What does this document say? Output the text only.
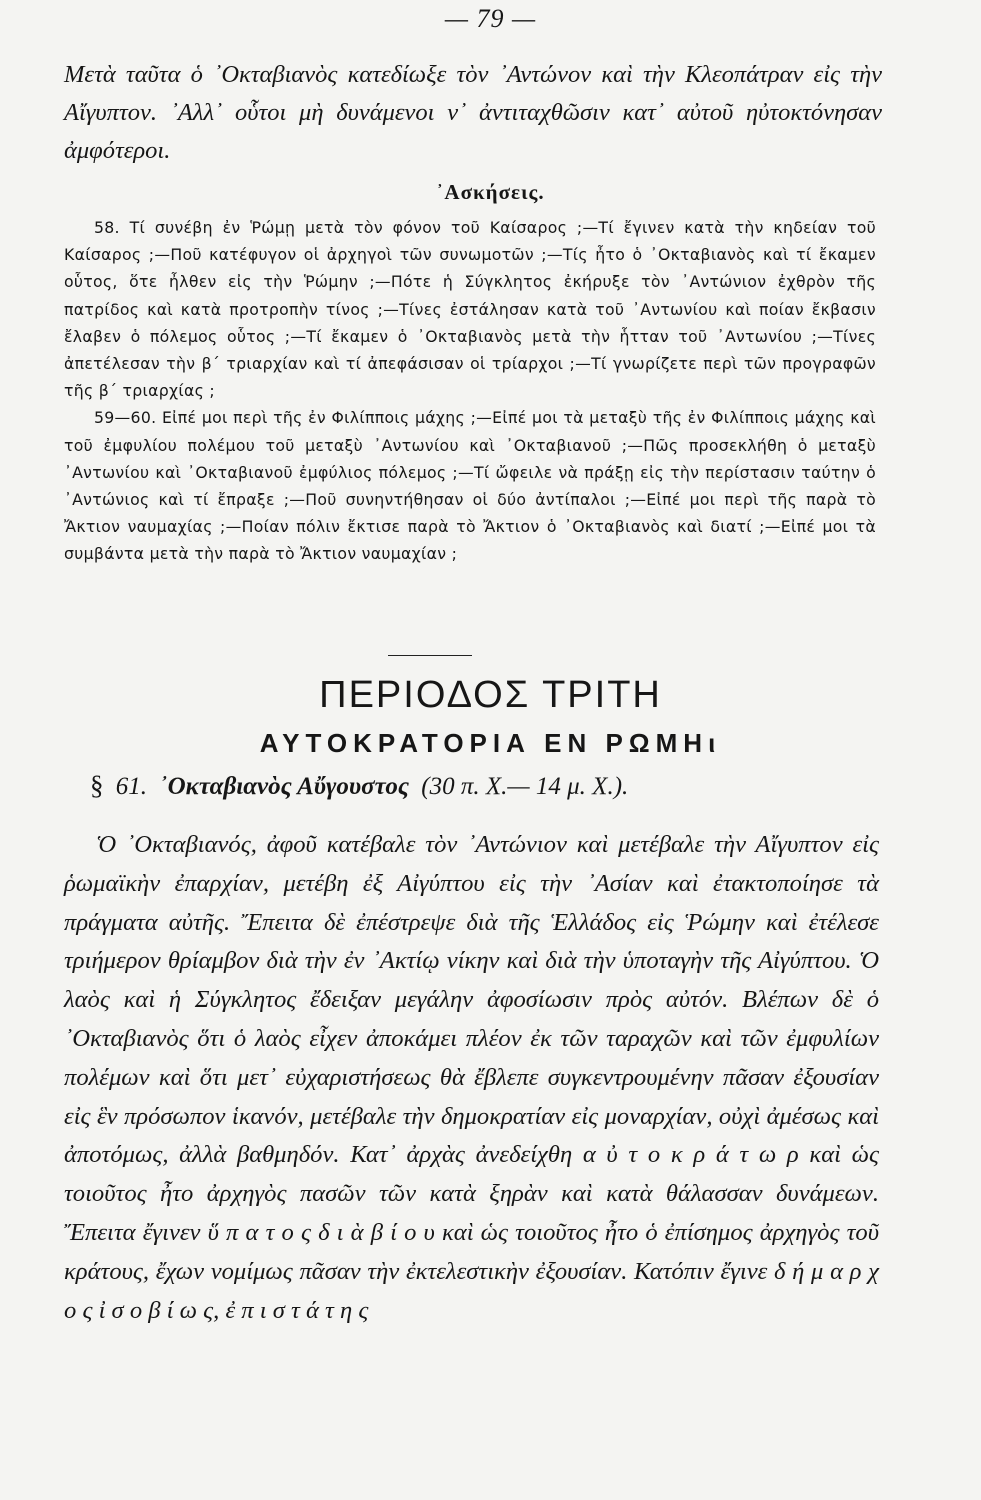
— 79 —
Μετὰ ταῦτα ὁ ᾽Οκταβιανὸς κατεδίωξε τὸν ᾽Αντώνον καὶ τὴν Κλεοπάτραν εἰς τὴν Αἴγυπτον. ᾽Αλλ᾽ οὗτοι μὴ δυνάμενοι ν᾽ ἀντιταχθῶσιν κατ᾽ αὐτοῦ ηὐτοκτόνησαν ἀμφότεροι.
᾽Ασκήσεις.

58. Τί συνέβη ἐν Ῥώμῃ μετὰ τὸν φόνον τοῦ Καίσαρος ;—Τί ἔγινεν κατὰ τὴν κηδείαν τοῦ Καίσαρος ;—Ποῦ κατέφυγον οἱ ἀρχηγοὶ τῶν συνωμοτῶν ;—Τίς ἦτο ὁ ᾽Οκταβιανὸς καὶ τί ἔκαμεν οὗτος, ὅτε ἦλθεν εἰς τὴν Ῥώμην ;—Πότε ἡ Σύγκλητος ἐκήρυξε τὸν ᾽Αντώνιον ἐχθρὸν τῆς πατρίδος καὶ κατὰ προτροπὴν τίνος ;—Τίνες ἐστάλησαν κατὰ τοῦ ᾽Αντωνίου καὶ ποίαν ἔκβασιν ἔλαβεν ὁ πόλεμος οὗτος ;—Τί ἔκαμεν ὁ ᾽Οκταβιανὸς μετὰ τὴν ἧτταν τοῦ ᾽Αντωνίου ;—Τίνες ἀπετέλεσαν τὴν β΄ τριαρχίαν καὶ τί ἀπεφάσισαν οἱ τρίαρχοι ;—Τί γνωρίζετε περὶ τῶν προγραφῶν τῆς β΄ τριαρχίας ;

59—60. Εἰπέ μοι περὶ τῆς ἐν Φιλίπποις μάχης ;—Εἰπέ μοι τὰ μεταξὺ τῆς ἐν Φιλίπποις μάχης καὶ τοῦ ἐμφυλίου πολέμου τοῦ μεταξὺ ᾽Αντωνίου καὶ ᾽Οκταβιανοῦ ;—Πῶς προσεκλήθη ὁ μεταξὺ ᾽Αντωνίου καὶ ᾽Οκταβιανοῦ ἐμφύλιος πόλεμος ;—Τί ὤφειλε νὰ πράξῃ εἰς τὴν περίστασιν ταύτην ὁ ᾽Αντώνιος καὶ τί ἔπραξε ;—Ποῦ συνηντήθησαν οἱ δύο ἀντίπαλοι ;—Εἰπέ μοι περὶ τῆς παρὰ τὸ Ἄκτιον ναυμαχίας ;—Ποίαν πόλιν ἔκτισε παρὰ τὸ Ἄκτιον ὁ ᾽Οκταβιανὸς καὶ διατί ;—Εἰπέ μοι τὰ συμβάντα μετὰ τὴν παρὰ τὸ Ἄκτιον ναυμαχίαν ;

ΠΕΡΙΟΔΟΣ ΤΡΙΤΗ
ΑΥΤΟΚΡΑΤΟΡΙΑ ΕΝ ΡΩΜΗι
§ 61. ᾽Οκταβιανὸς Αὔγουστος (30 π. Χ.— 14 μ. Χ.).

Ὁ ᾽Οκταβιανός, ἀφοῦ κατέβαλε τὸν ᾽Αντώνιον καὶ μετέβαλε τὴν Αἴγυπτον εἰς ῥωμαϊκὴν ἐπαρχίαν, μετέβη ἐξ Αἰγύπτου εἰς τὴν ᾽Ασίαν καὶ ἐτακτοποίησε τὰ πράγματα αὐτῆς. Ἔπειτα δὲ ἐπέστρεψε διὰ τῆς Ἑλλάδος εἰς Ῥώμην καὶ ἐτέλεσε τριήμερον θρίαμβον διὰ τὴν ἐν ᾽Ακτίῳ νίκην καὶ διὰ τὴν ὑποταγὴν τῆς Αἰγύπτου. Ὁ λαὸς καὶ ἡ Σύγκλητος ἔδειξαν μεγάλην ἀφοσίωσιν πρὸς αὐτόν. Βλέπων δὲ ὁ ᾽Οκταβιανὸς ὅτι ὁ λαὸς εἶχεν ἀποκάμει πλέον ἐκ τῶν ταραχῶν καὶ τῶν ἐμφυλίων πολέμων καὶ ὅτι μετ᾽ εὐχαριστήσεως θὰ ἔβλεπε συγκεντρουμένην πᾶσαν ἐξουσίαν εἰς ἓν πρόσωπον ἱκανόν, μετέβαλε τὴν δημοκρατίαν εἰς μοναρχίαν, οὐχὶ ἀμέσως καὶ ἀποτόμως, ἀλλὰ βαθμηδόν. Κατ᾽ ἀρχὰς ἀνεδείχθη α ὐ τ ο κ ρ ά τ ω ρ καὶ ὡς τοιοῦτος ἦτο ἀρχηγὸς πασῶν τῶν κατὰ ξηρὰν καὶ κατὰ θάλασσαν δυνάμεων. Ἔπειτα ἔγινεν ὕ π α τ ο ς δ ι ὰ β ί ο υ καὶ ὡς τοιοῦτος ἦτο ὁ ἐπίσημος ἀρχηγὸς τοῦ κράτους, ἔχων νομίμως πᾶσαν τὴν ἐκτελεστικὴν ἐξουσίαν. Κατόπιν ἔγινε δ ή μ α ρ χ ο ς ἰ σ ο β ί ω ς, ἐ π ι σ τ ά τ η ς
